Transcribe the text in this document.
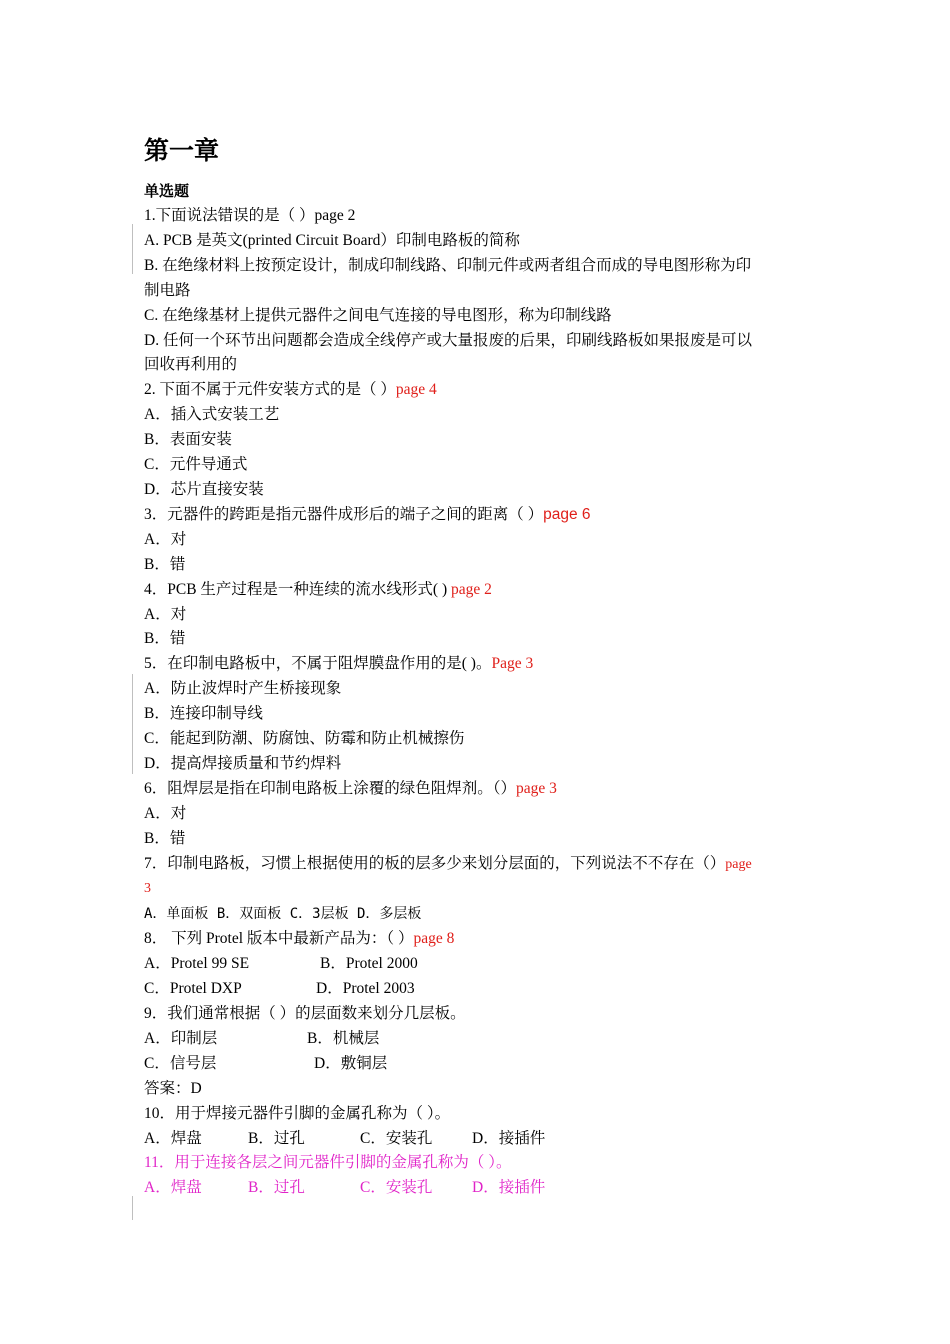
第一章
单选题
1.下面说法错误的是（ ）page 2
A. PCB 是英文(printed Circuit Board）印制电路板的简称
B. 在绝缘材料上按预定设计，制成印制线路、印制元件或两者组合而成的导电图形称为印
制电路
C. 在绝缘基材上提供元器件之间电气连接的导电图形，称为印制线路
D. 任何一个环节出问题都会造成全线停产或大量报废的后果，印刷线路板如果报废是可以
回收再利用的
2. 下面不属于元件安装方式的是（ ）page 4
A．插入式安装工艺
B．表面安装
C．元件导通式
D．芯片直接安装
3．元器件的跨距是指元器件成形后的端子之间的距离（ ）page 6
A．对
B．错
4．PCB 生产过程是一种连续的流水线形式( ) page 2
A．对
B．错
5．在印制电路板中，不属于阻焊膜盘作用的是( )。Page 3
A．防止波焊时产生桥接现象
B．连接印制导线
C．能起到防潮、防腐蚀、防霉和防止机械擦伤
D．提高焊接质量和节约焊料
6．阻焊层是指在印制电路板上涂覆的绿色阻焊剂。（）page 3
A．对
B．错
7．印制电路板，习惯上根据使用的板的层多少来划分层面的，下列说法不不存在（）page
3
A．单面板 B．双面板 C．3层板 D．多层板
8． 下列 Protel 版本中最新产品为：（ ）page 8
A．Protel 99 SE	B．Protel 2000
C．Protel DXP	D．Protel 2003
9．我们通常根据（ ）的层面数来划分几层板。
A．印制层	B．机械层
C．信号层	D．敷铜层
答案：D
10．用于焊接元器件引脚的金属孔称为（ ）。
A．焊盘	B．过孔	C．安装孔	D．接插件
11．用于连接各层之间元器件引脚的金属孔称为（ ）。
A．焊盘	B．过孔	C．安装孔	D．接插件
